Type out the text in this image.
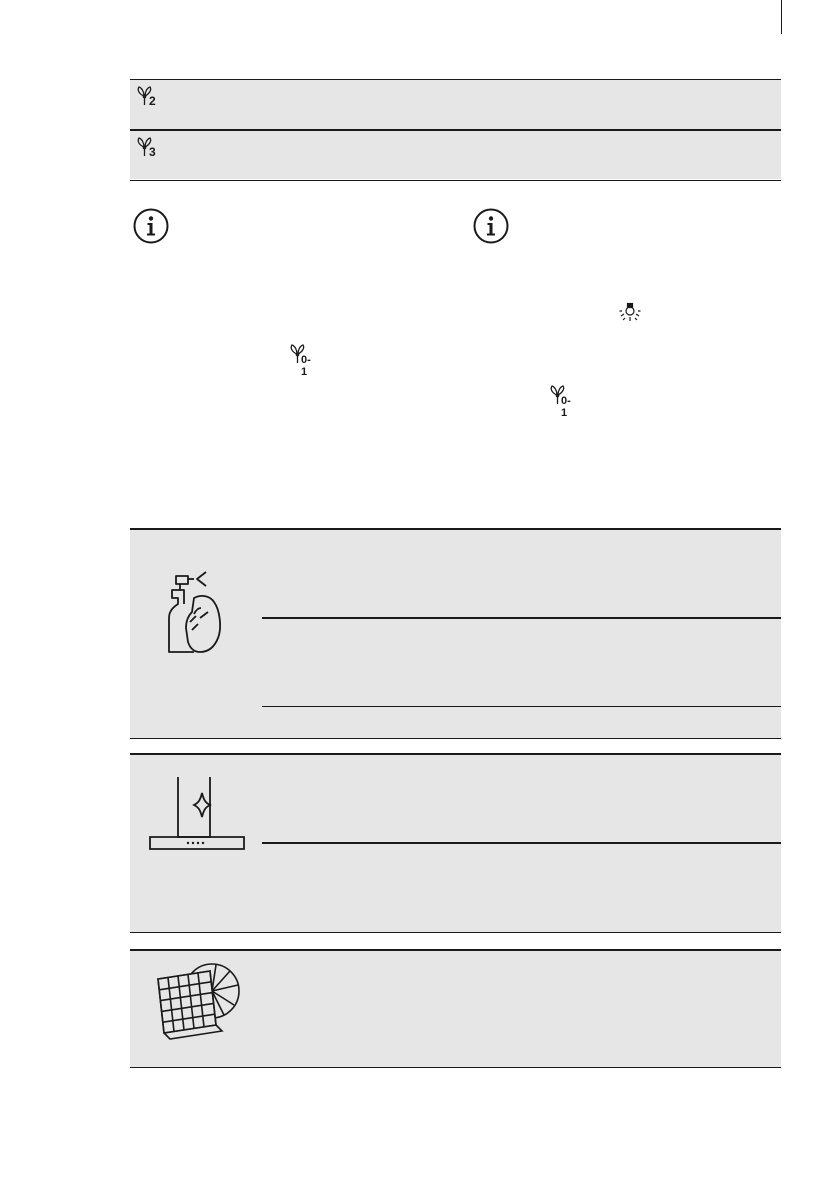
2
3
0-1
0-1
